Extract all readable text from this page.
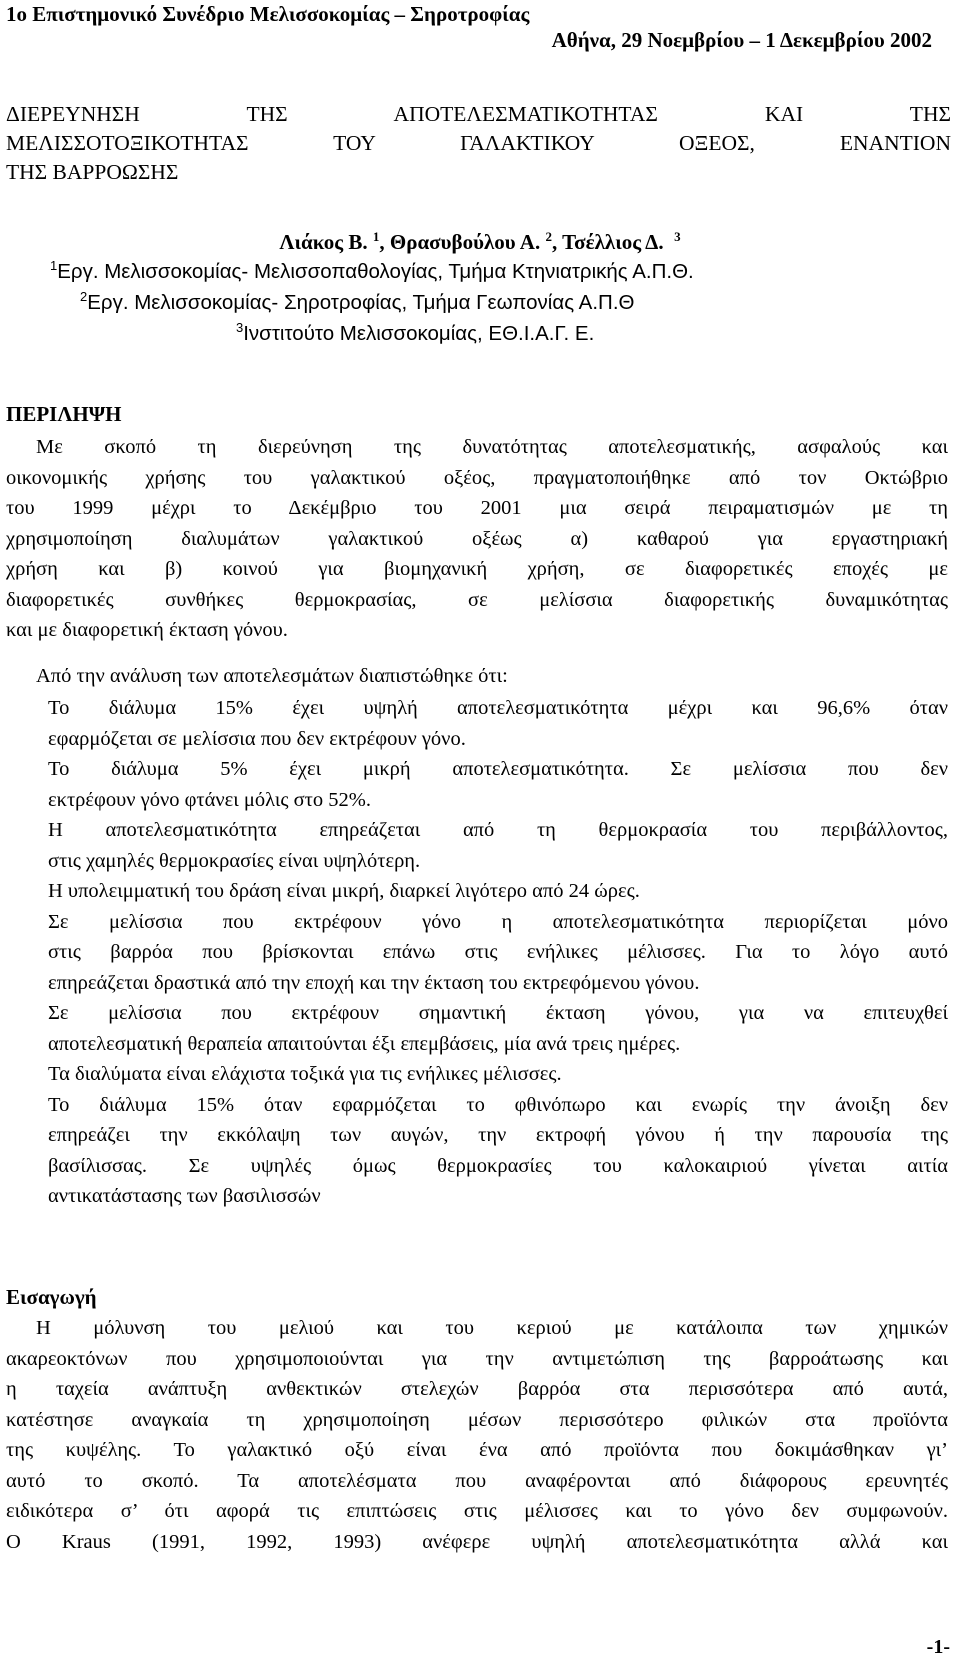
1ο Επιστημονικό Συνέδριο Μελισσοκομίας – Σηροτροφίας
Αθήνα, 29 Νοεμβρίου – 1 Δεκεμβρίου 2002
ΔΙΕΡΕΥΝΗΣΗ ΤΗΣ ΑΠΟΤΕΛΕΣΜΑΤΙΚΟΤΗΤΑΣ ΚΑΙ ΤΗΣ
ΜΕΛΙΣΣΟΤΟΞΙΚΟΤΗΤΑΣ ΤΟΥ ΓΑΛΑΚΤΙΚΟΥ ΟΞΕΟΣ, ΕΝΑΝΤΙΟΝ
ΤΗΣ ΒΑΡΡΟΩΣΗΣ
Λιάκος Β. $^1$, Θρασυβούλου Α. $^2$, Τσέλλιος Δ. $^3$
$^1$Εργ. Μελισσοκομίας- Μελισσοπαθολογίας, Τμήμα Κτηνιατρικής Α.Π.Θ.
$^2$Εργ. Μελισσοκομίας- Σηροτροφίας, Τμήμα Γεωπονίας Α.Π.Θ
$^3$Ινστιτούτο Μελισσοκομίας, ΕΘ.Ι.Α.Γ. Ε.
ΠΕΡΙΛΗΨΗ
Με σκοπό τη διερεύνηση της δυνατότητας αποτελεσματικής, ασφαλούς και
οικονομικής χρήσης του γαλακτικού οξέος, πραγματοποιήθηκε από τον Οκτώβριο
του 1999 μέχρι το Δεκέμβριο του 2001 μια σειρά πειραματισμών με τη
χρησιμοποίηση διαλυμάτων γαλακτικού οξέως α) καθαρού για εργαστηριακή
χρήση και β) κοινού για βιομηχανική χρήση, σε διαφορετικές εποχές με
διαφορετικές συνθήκες θερμοκρασίας, σε μελίσσια διαφορετικής δυναμικότητας
και με διαφορετική έκταση γόνου.
Από την ανάλυση των αποτελεσμάτων διαπιστώθηκε ότι:
Το διάλυμα 15% έχει υψηλή αποτελεσματικότητα μέχρι και 96,6% όταν
εφαρμόζεται σε μελίσσια που δεν εκτρέφουν γόνο.
Το διάλυμα 5% έχει μικρή αποτελεσματικότητα. Σε μελίσσια που δεν
εκτρέφουν γόνο φτάνει μόλις στο 52%.
Η αποτελεσματικότητα επηρεάζεται από τη θερμοκρασία του περιβάλλοντος,
στις χαμηλές θερμοκρασίες είναι υψηλότερη.
Η υπολειμματική του δράση είναι μικρή, διαρκεί λιγότερο από 24 ώρες.
Σε μελίσσια που εκτρέφουν γόνο η αποτελεσματικότητα περιορίζεται μόνο
στις βαρρόα που βρίσκονται επάνω στις ενήλικες μέλισσες. Για το λόγο αυτό
επηρεάζεται δραστικά από την εποχή και την έκταση του εκτρεφόμενου γόνου.
Σε μελίσσια που εκτρέφουν σημαντική έκταση γόνου, για να επιτευχθεί
αποτελεσματική θεραπεία απαιτούνται έξι επεμβάσεις, μία ανά τρεις ημέρες.
Τα διαλύματα είναι ελάχιστα τοξικά για τις ενήλικες μέλισσες.
Το διάλυμα 15% όταν εφαρμόζεται το φθινόπωρο και ενωρίς την άνοιξη δεν
επηρεάζει την εκκόλαψη των αυγών, την εκτροφή γόνου ή την παρουσία της
βασίλισσας. Σε υψηλές όμως θερμοκρασίες του καλοκαιριού γίνεται αιτία
αντικατάστασης των βασιλισσών
Εισαγωγή
Η μόλυνση του μελιού και του κεριού με κατάλοιπα των χημικών
ακαρεοκτόνων που χρησιμοποιούνται για την αντιμετώπιση της βαρροάτωσης και
η ταχεία ανάπτυξη ανθεκτικών στελεχών βαρρόα στα περισσότερα από αυτά,
κατέστησε αναγκαία τη χρησιμοποίηση μέσων περισσότερο φιλικών στα προϊόντα
της κυψέλης. Το γαλακτικό οξύ είναι ένα από προϊόντα που δοκιμάσθηκαν γι’
αυτό το σκοπό. Τα αποτελέσματα που αναφέρονται από διάφορους ερευνητές
ειδικότερα σ’ ότι αφορά τις επιπτώσεις στις μέλισσες και το γόνο δεν συμφωνούν.
Ο Kraus (1991, 1992, 1993) ανέφερε υψηλή αποτελεσματικότητα αλλά και
-1-
